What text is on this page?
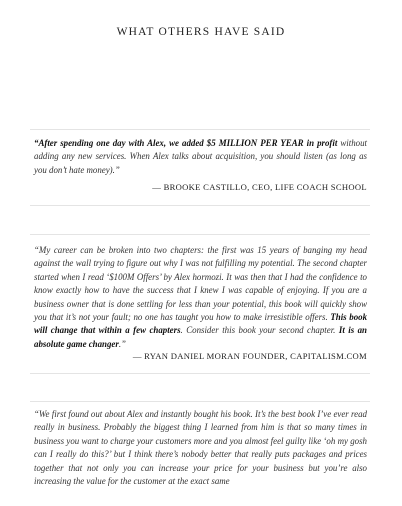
WHAT OTHERS HAVE SAID
“After spending one day with Alex, we added $5 MILLION PER YEAR in profit without adding any new services. When Alex talks about acquisition, you should listen (as long as you don’t hate money).”
— BROOKE CASTILLO, CEO, LIFE COACH SCHOOL
“My career can be broken into two chapters: the first was 15 years of banging my head against the wall trying to figure out why I was not fulfilling my potential. The second chapter started when I read ‘$100M Offers’ by Alex hormozi. It was then that I had the confidence to know exactly how to have the success that I knew I was capable of enjoying. If you are a business owner that is done settling for less than your potential, this book will quickly show you that it’s not your fault; no one has taught you how to make irresistible offers. This book will change that within a few chapters. Consider this book your second chapter. It is an absolute game changer.”
— RYAN DANIEL MORAN FOUNDER, CAPITALISM.COM
“We first found out about Alex and instantly bought his book. It’s the best book I’ve ever read really in business. Probably the biggest thing I learned from him is that so many times in business you want to charge your customers more and you almost feel guilty like ‘oh my gosh can I really do this?’ but I think there’s nobody better that really puts packages and prices together that not only you can increase your price for your business but you’re also increasing the value for the customer at the exact same
